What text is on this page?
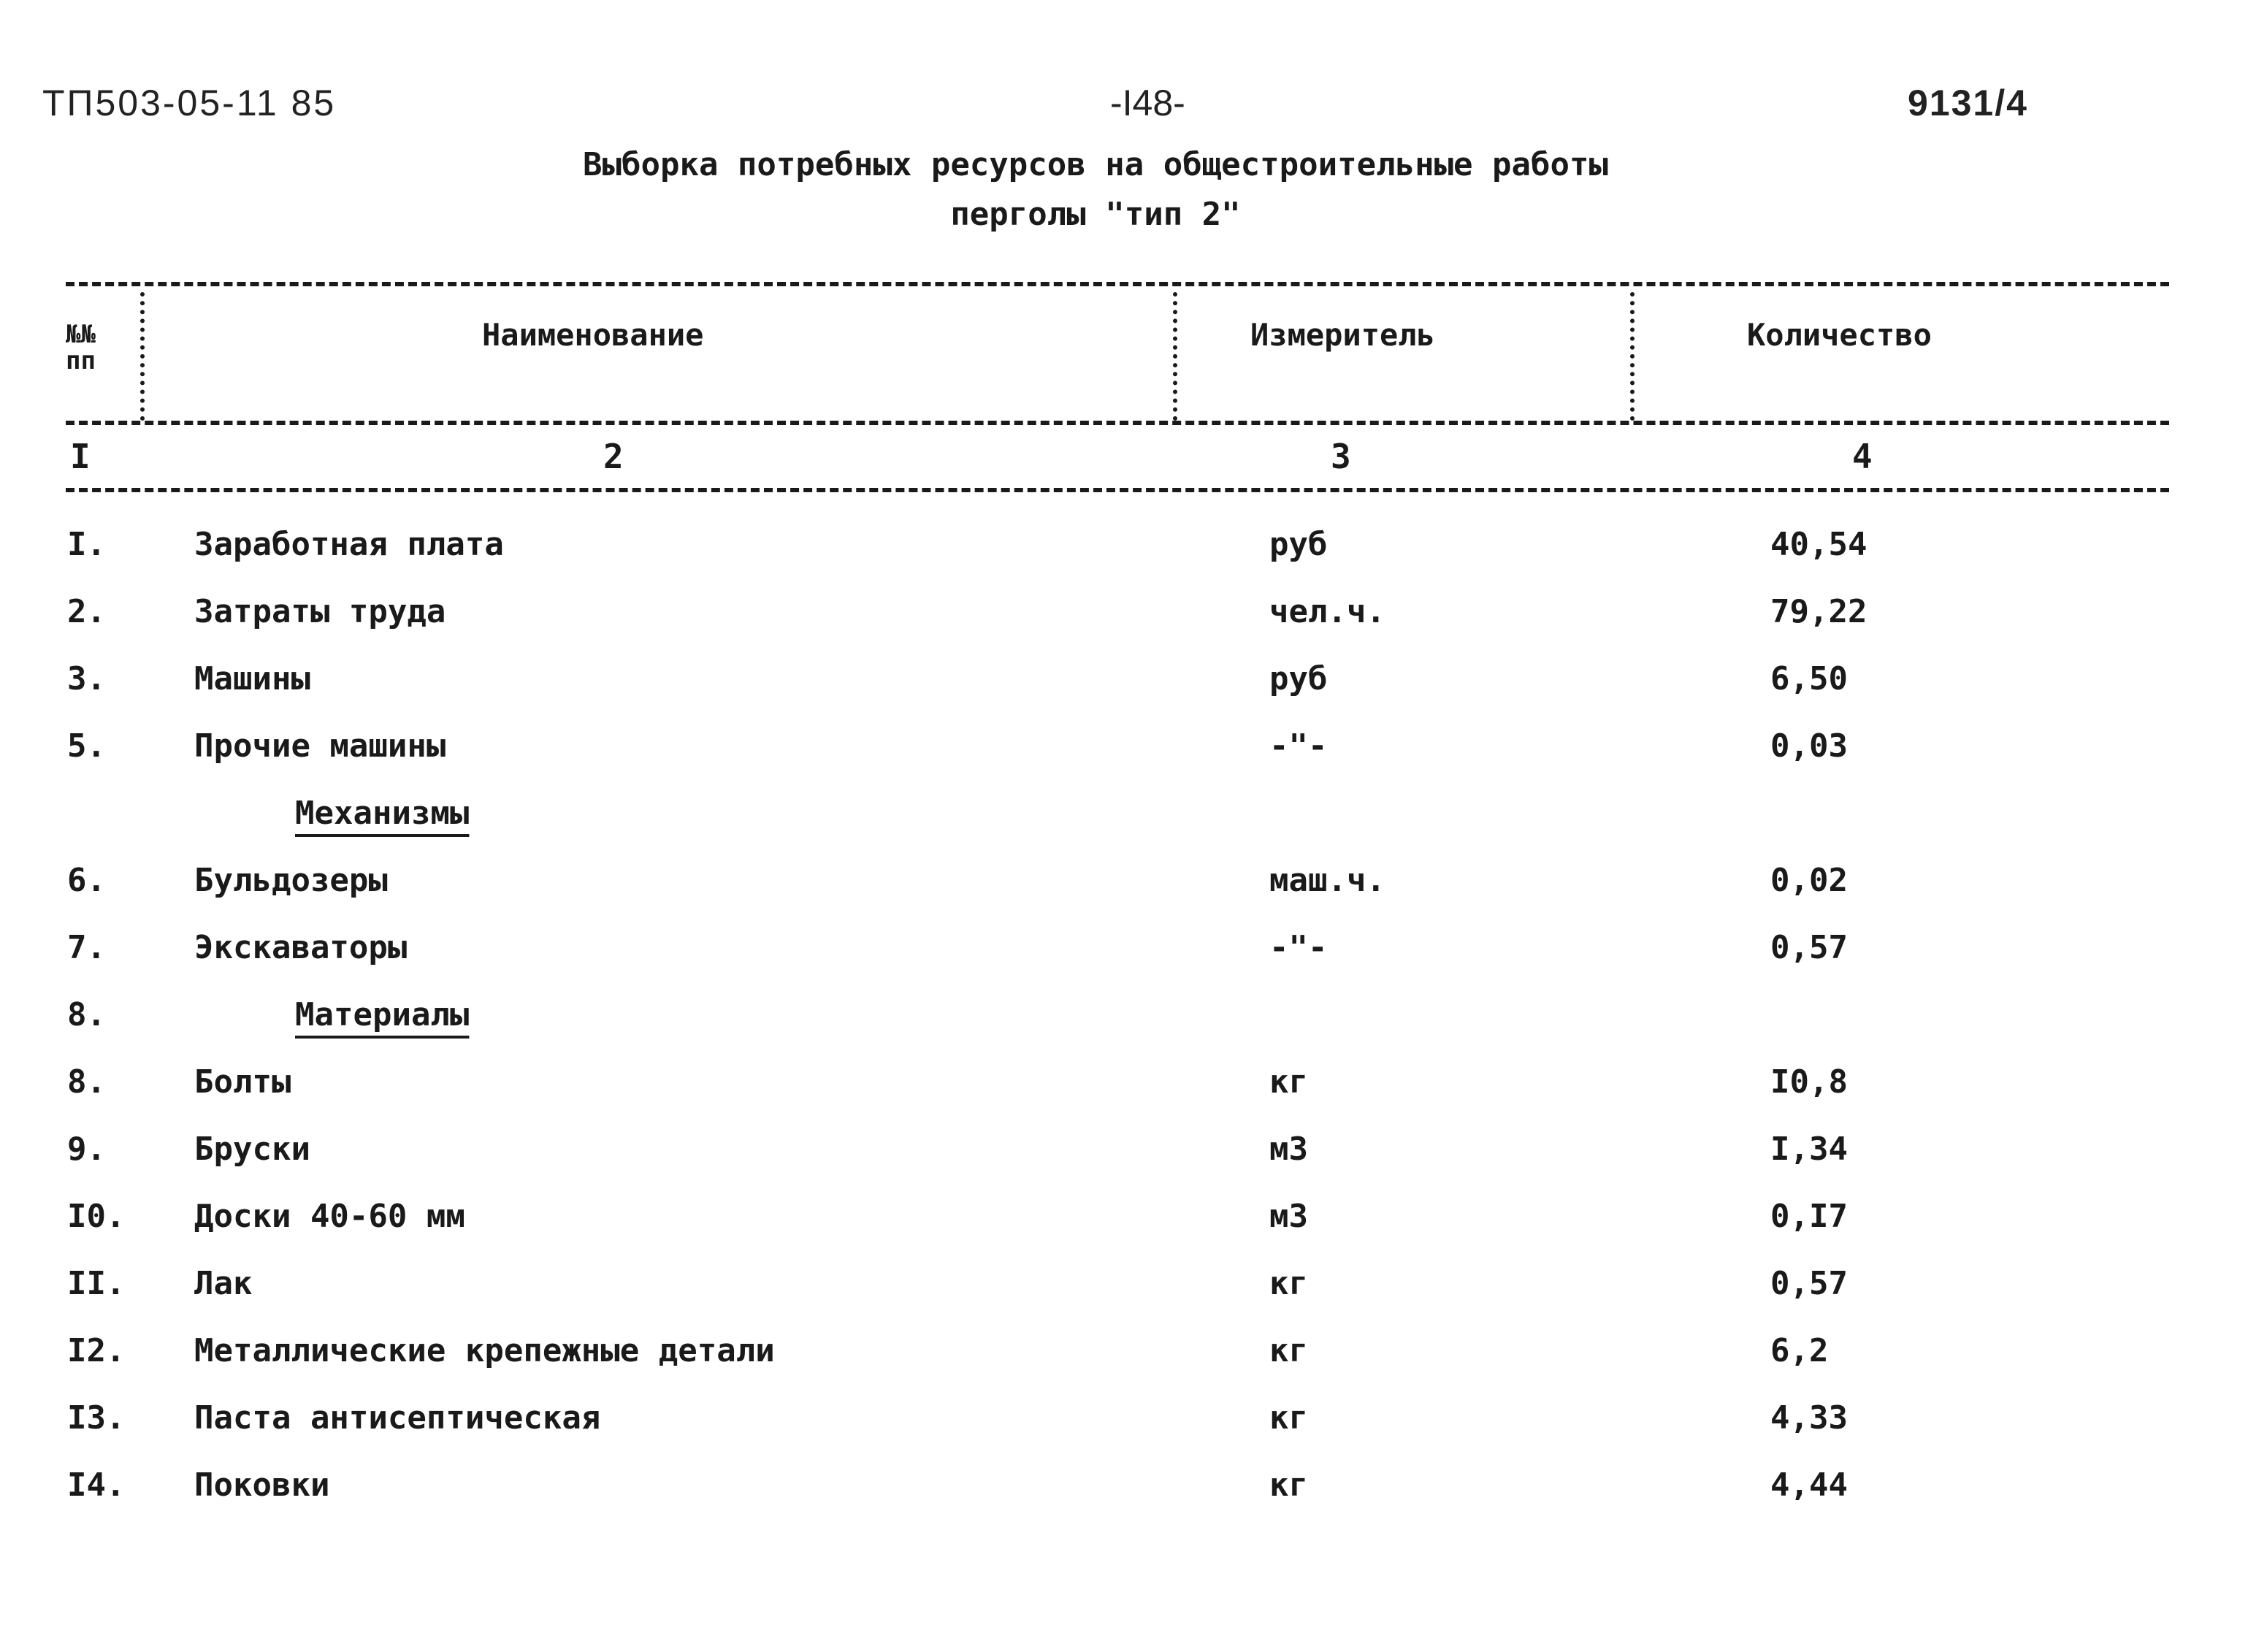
ТП503-05-11 85	-I48-	9131/4
Выборка потребных ресурсов на общестроительные работы
перголы "тип 2"
№№ пп
Наименование	Измеритель	Количество
I	2	3	4
I.	Заработная плата	руб	40,54
2.	Затраты труда	чел.ч.	79,22
3.	Машины	руб	6,50
5.	Прочие машины	-"-	0,03
Механизмы
6.	Бульдозеры	маш.ч.	0,02
7.	Экскаваторы	-"-	0,57
8.	Материалы
8.	Болты	кг	I0,8
9.	Бруски	м3	I,34
I0. Доски 40-60 мм	м3	0,I7
II. Лак	кг	0,57
I2. Металлические крепежные детали	кг	6,2
I3. Паста антисептическая	кг	4,33
I4. Поковки	кг	4,44
